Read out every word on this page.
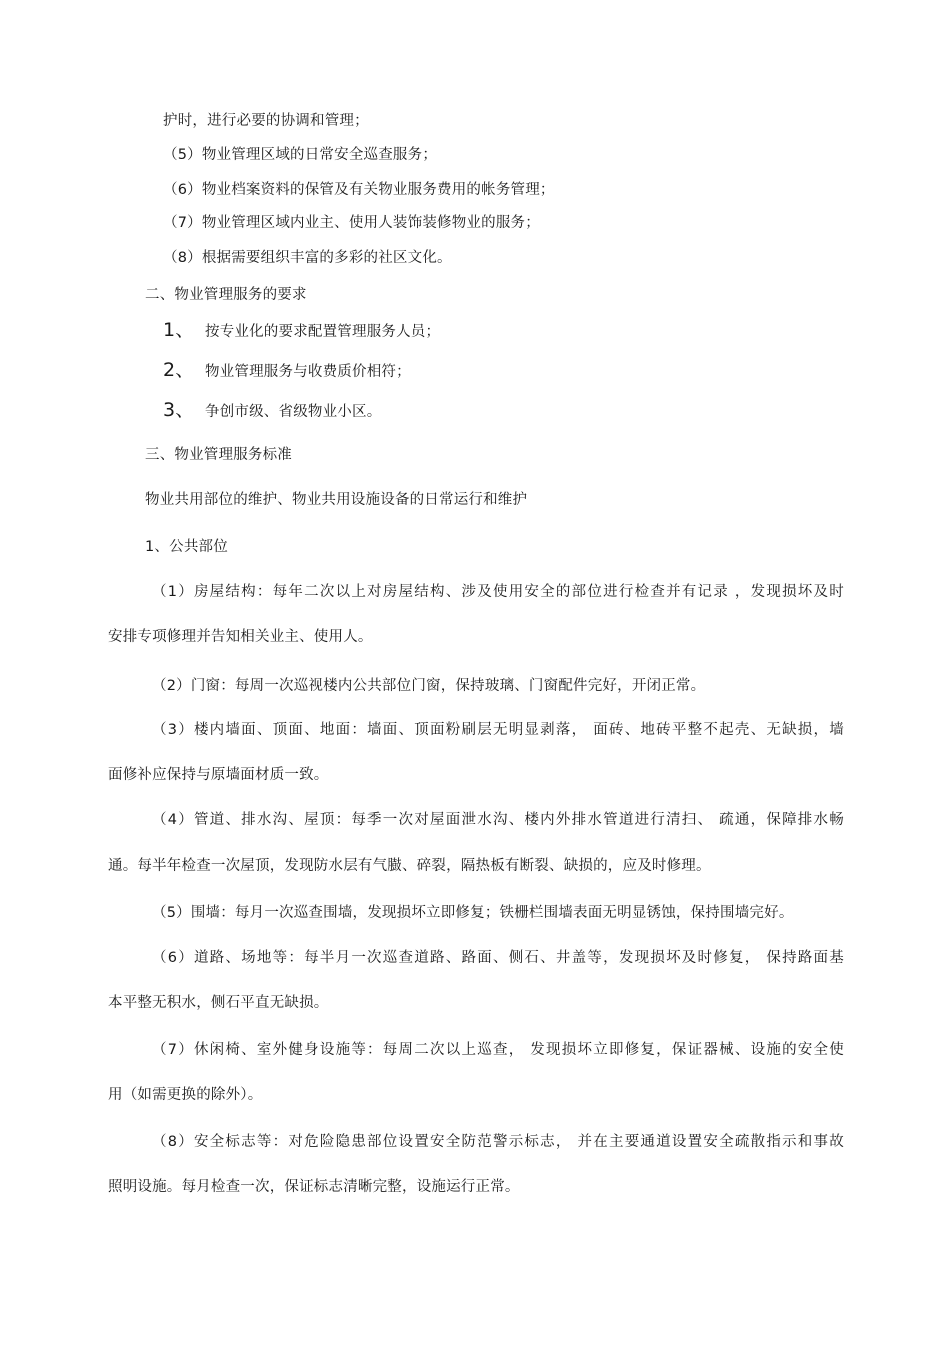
护时，进行必要的协调和管理；
（5）物业管理区域的日常安全巡查服务；
（6）物业档案资料的保管及有关物业服务费用的帐务管理；
（7）物业管理区域内业主、使用人装饰装修物业的服务；
（8）根据需要组织丰富的多彩的社区文化。
二、物业管理服务的要求
1、 按专业化的要求配置管理服务人员；
2、 物业管理服务与收费质价相符；
3、 争创市级、省级物业小区。
三、物业管理服务标准
物业共用部位的维护、物业共用设施设备的日常运行和维护
1、公共部位
（1）房屋结构：每年二次以上对房屋结构、涉及使用安全的部位进行检查并有记录 ，发现损坏及时
安排专项修理并告知相关业主、使用人。
（2）门窗：每周一次巡视楼内公共部位门窗，保持玻璃、门窗配件完好，开闭正常。
（3）楼内墙面、顶面、地面：墙面、顶面粉刷层无明显剥落， 面砖、地砖平整不起壳、无缺损，墙
面修补应保持与原墙面材质一致。
（4）管道、排水沟、屋顶：每季一次对屋面泄水沟、楼内外排水管道进行清扫、 疏通，保障排水畅
通。每半年检查一次屋顶，发现防水层有气臌、碎裂，隔热板有断裂、缺损的，应及时修理。
（5）围墙：每月一次巡查围墙，发现损坏立即修复；铁栅栏围墙表面无明显锈蚀，保持围墙完好。
（6）道路、场地等：每半月一次巡查道路、路面、侧石、井盖等，发现损坏及时修复， 保持路面基
本平整无积水，侧石平直无缺损。
（7）休闲椅、室外健身设施等：每周二次以上巡查， 发现损坏立即修复，保证器械、设施的安全使
用（如需更换的除外）。
（8）安全标志等：对危险隐患部位设置安全防范警示标志， 并在主要通道设置安全疏散指示和事故
照明设施。每月检查一次，保证标志清晰完整，设施运行正常。
